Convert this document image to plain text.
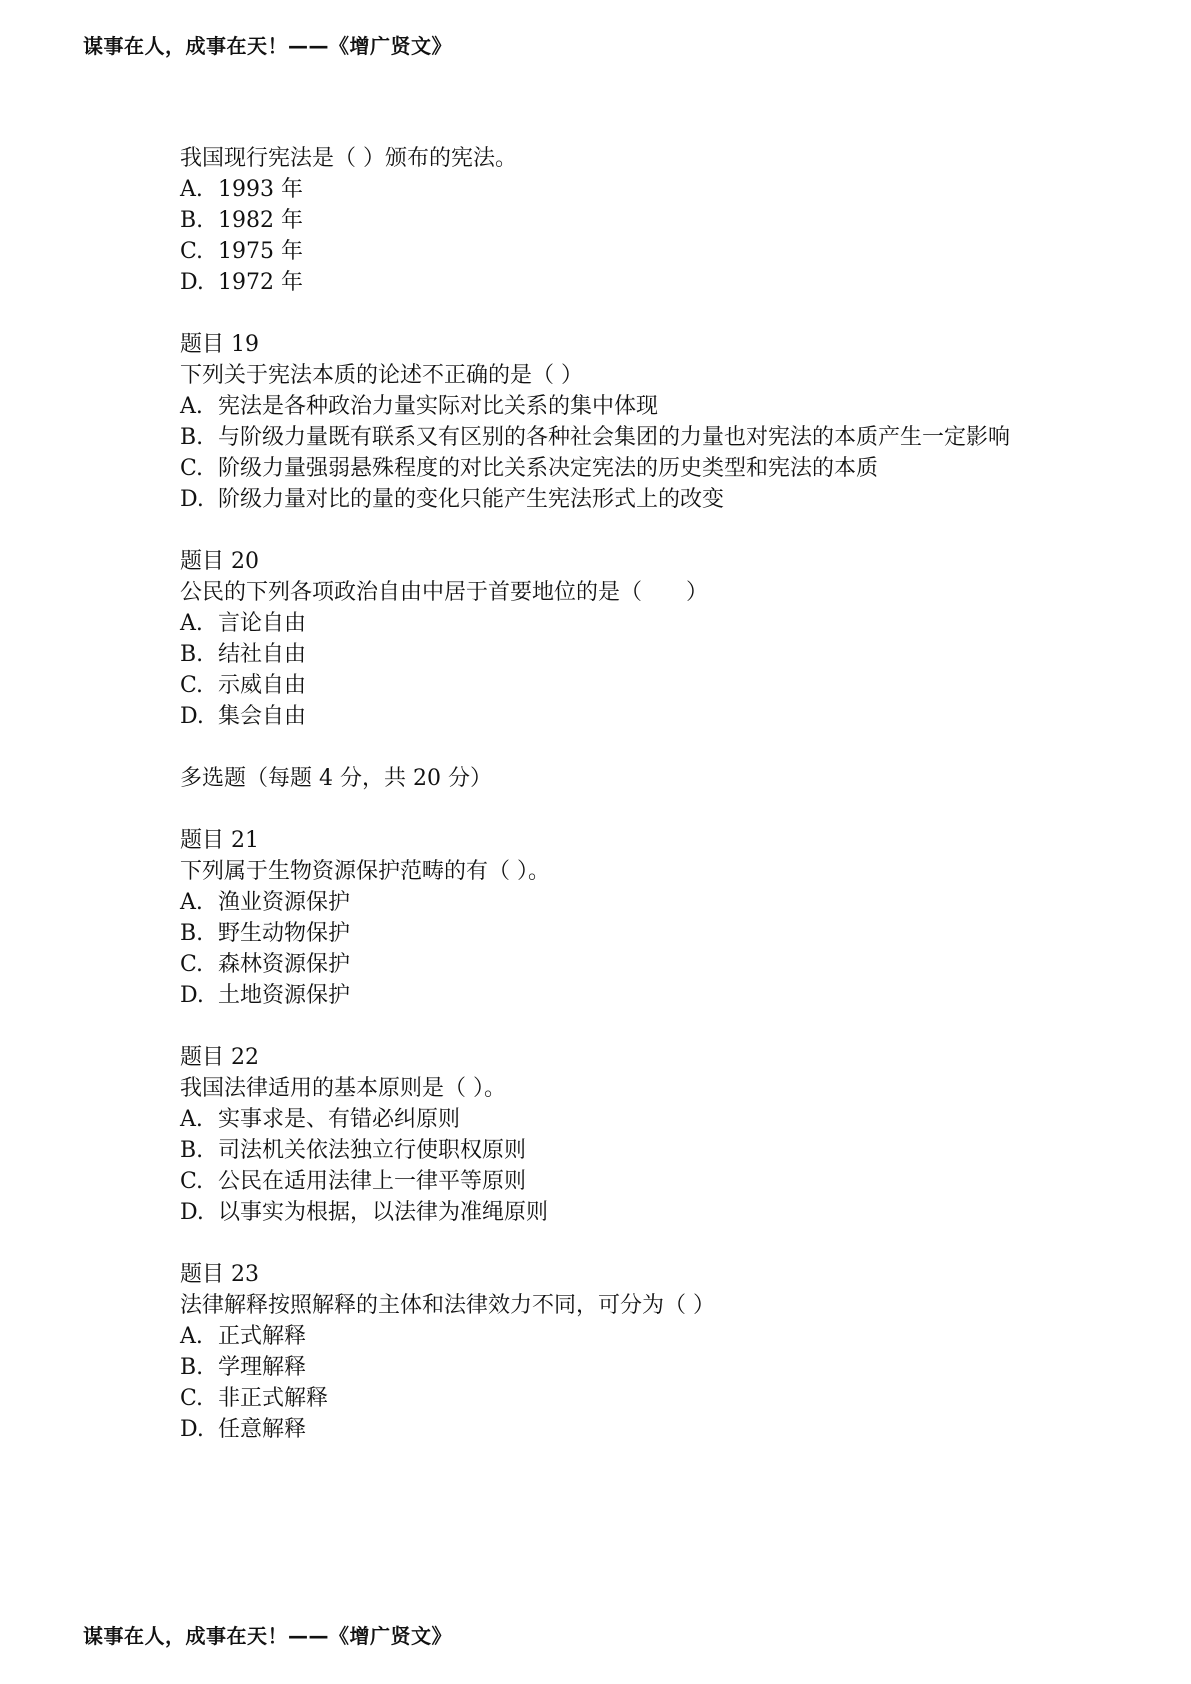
谋事在人，成事在天！——《增广贤文》
我国现行宪法是（ ）颁布的宪法。
A. 1993 年
B. 1982 年
C. 1975 年
D. 1972 年
题目 19
下列关于宪法本质的论述不正确的是（ ）
A. 宪法是各种政治力量实际对比关系的集中体现
B. 与阶级力量既有联系又有区别的各种社会集团的力量也对宪法的本质产生一定影响
C. 阶级力量强弱悬殊程度的对比关系决定宪法的历史类型和宪法的本质
D. 阶级力量对比的量的变化只能产生宪法形式上的改变
题目 20
公民的下列各项政治自由中居于首要地位的是（　　）
A. 言论自由
B. 结社自由
C. 示威自由
D. 集会自由
多选题（每题 4 分，共 20 分）
题目 21
下列属于生物资源保护范畴的有（ ）。
A. 渔业资源保护
B. 野生动物保护
C. 森林资源保护
D. 土地资源保护
题目 22
我国法律适用的基本原则是（ ）。
A. 实事求是、有错必纠原则
B. 司法机关依法独立行使职权原则
C. 公民在适用法律上一律平等原则
D. 以事实为根据，以法律为准绳原则
题目 23
法律解释按照解释的主体和法律效力不同，可分为（ ）
A. 正式解释
B. 学理解释
C. 非正式解释
D. 任意解释
谋事在人，成事在天！——《增广贤文》
